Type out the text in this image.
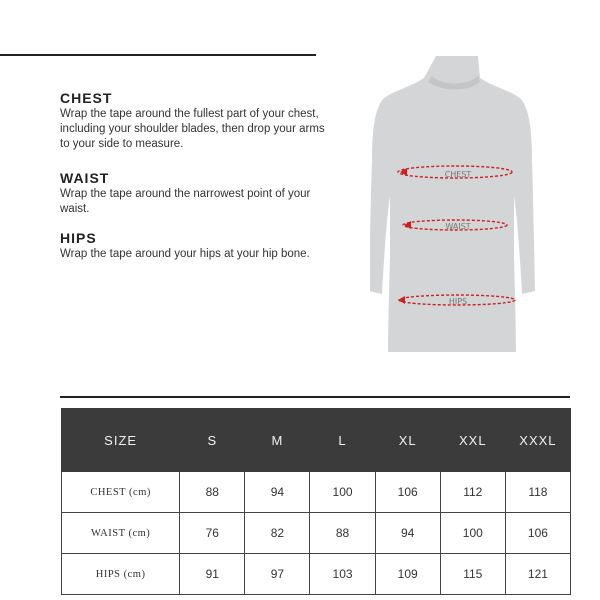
CHEST

Wrap the tape around the fullest part of your chest, including your shoulder blades, then drop your arms to your side to measure.

WAIST

Wrap the tape around the narrowest point of your waist.

HIPS

Wrap the tape around your hips at your hip bone.

CHEST
WAIST
HIPS
SIZE	S	M	L	XL	XXL	XXXL
CHEST (cm)	88	94	100	106	112	118
WAIST (cm)	76	82	88	94	100	106
HIPS (cm)	91	97	103	109	115	121
